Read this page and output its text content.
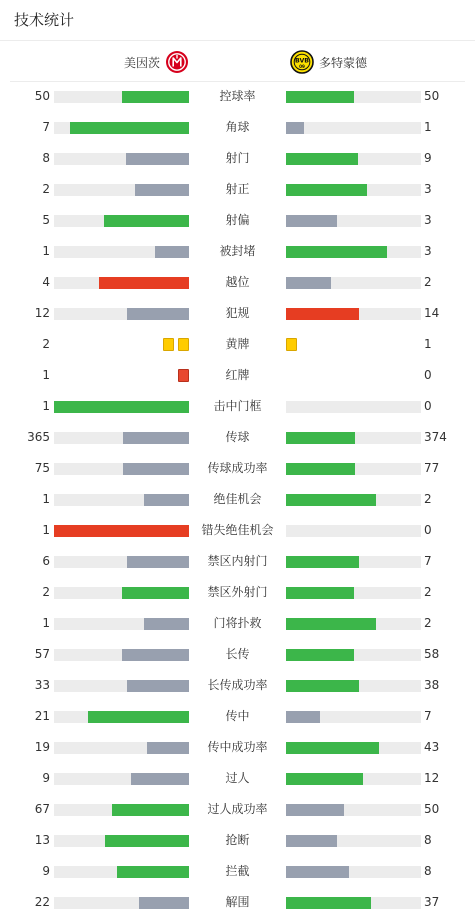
技术统计
美因茨	BVB
09 多特蒙德
50	控球率	50
7	角球	1
8	射门	9
2	射正	3
5	射偏	3
1	被封堵	3
4	越位	2
12	犯规	14
2	黄牌	1
1	红牌	0
1	击中门框	0
365	传球	374
75	传球成功率	77
1	绝佳机会	2
1	错失绝佳机会	0
6	禁区内射门	7
2	禁区外射门	2
1	门将扑救	2
57	长传	58
33	长传成功率	38
21	传中	7
19	传中成功率	43
9	过人	12
67	过人成功率	50
13	抢断	8
9	拦截	8
22	解围	37
